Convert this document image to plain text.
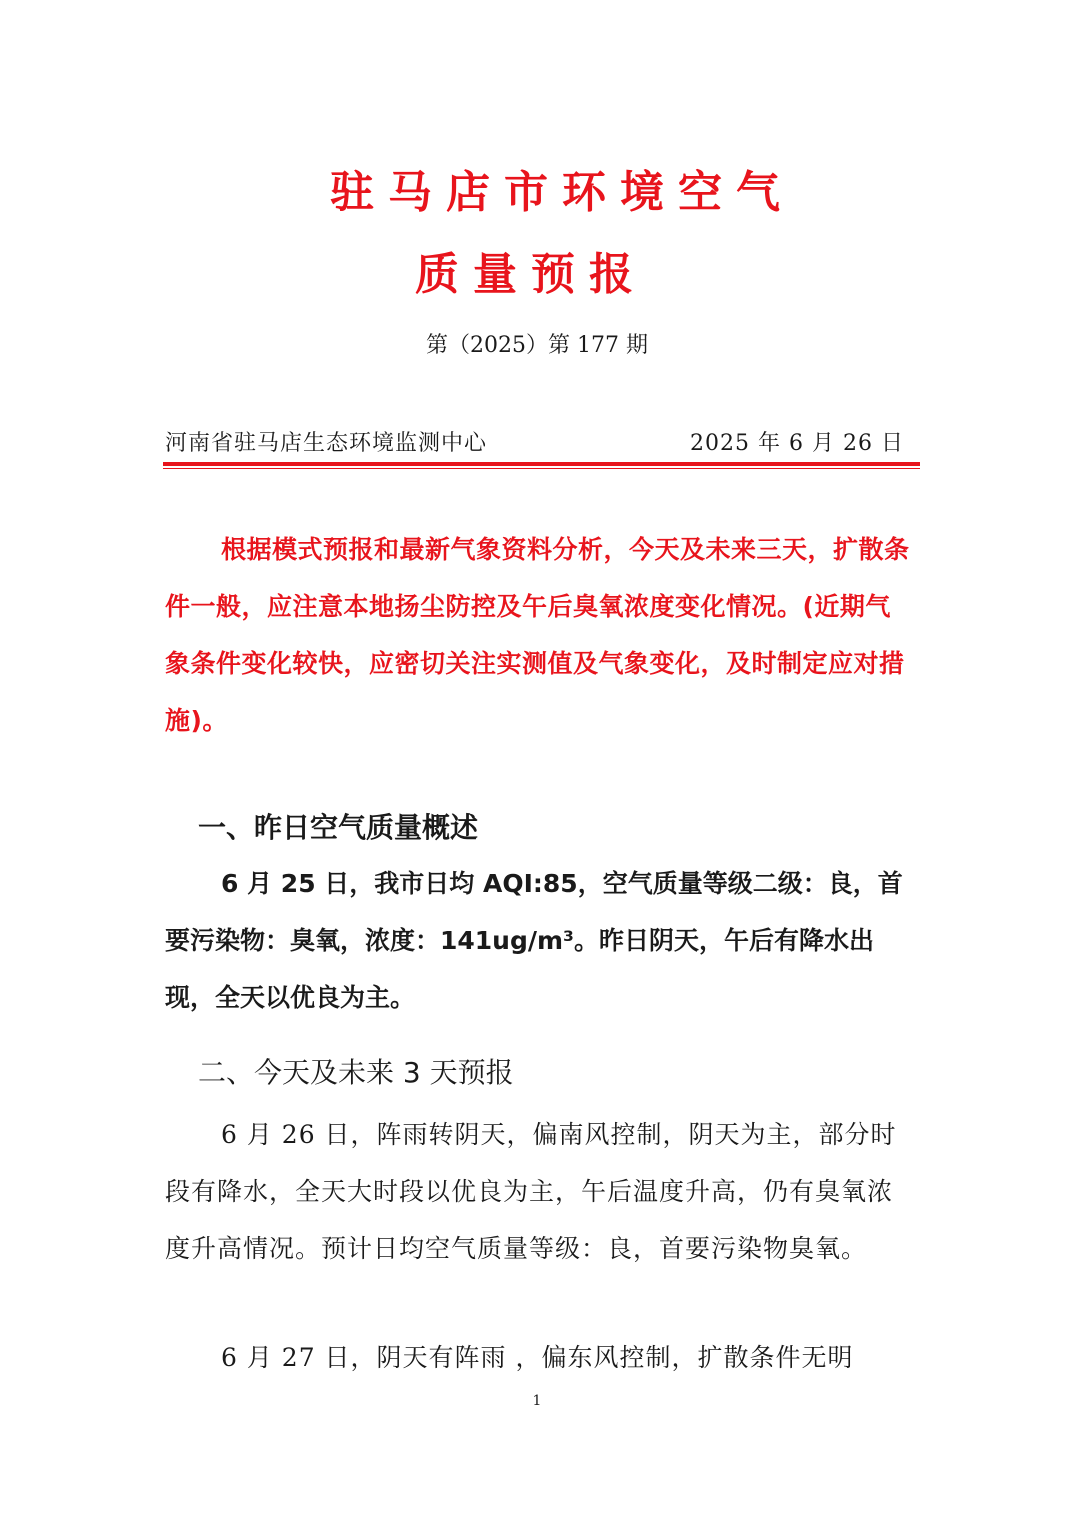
驻马店市环境空气
质量预报
第（2025）第 177 期
河南省驻马店生态环境监测中心	2025 年 6 月 26 日
根据模式预报和最新气象资料分析，今天及未来三天，扩散条件一般，应注意本地扬尘防控及午后臭氧浓度变化情况。(近期气象条件变化较快，应密切关注实测值及气象变化，及时制定应对措施)。
一、昨日空气质量概述
6 月 25 日，我市日均 AQI:85，空气质量等级二级：良，首要污染物：臭氧，浓度：141ug/m³。昨日阴天，午后有降水出现，全天以优良为主。
二、今天及未来 3 天预报
6 月 26 日，阵雨转阴天，偏南风控制，阴天为主，部分时段有降水，全天大时段以优良为主，午后温度升高，仍有臭氧浓度升高情况。预计日均空气质量等级：良，首要污染物臭氧。
6 月 27 日，阴天有阵雨 ，偏东风控制，扩散条件无明
1
